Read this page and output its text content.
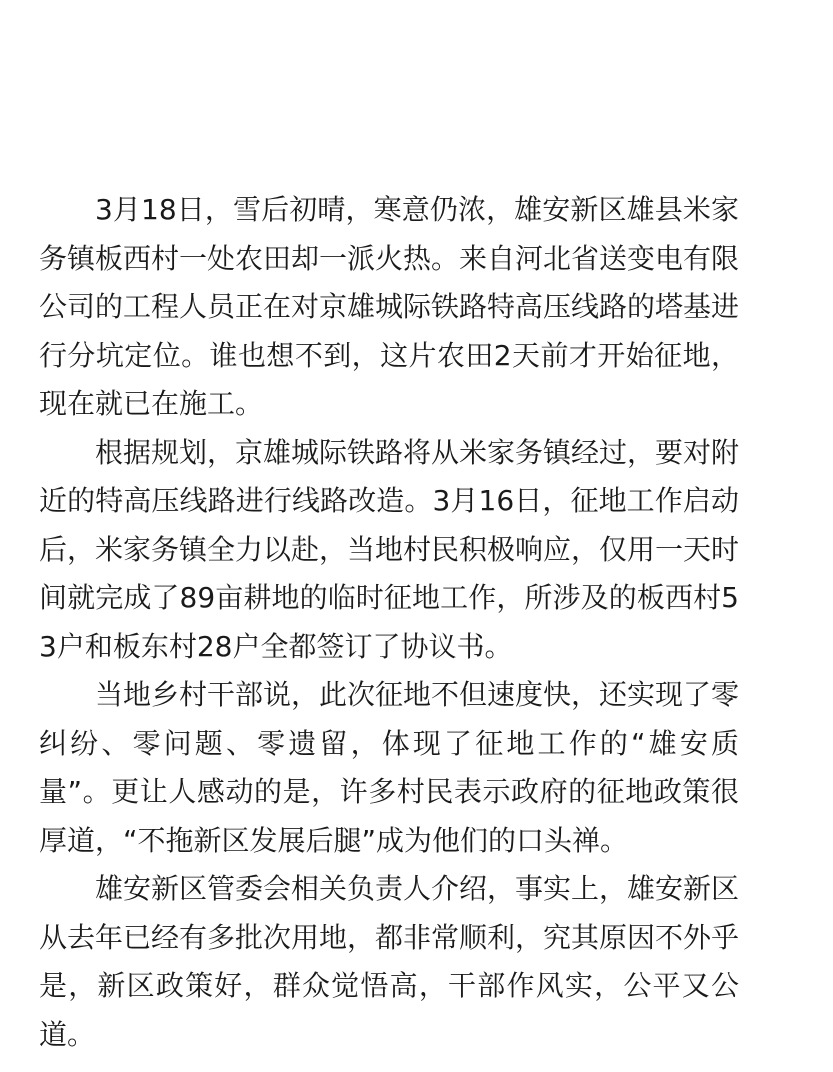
3月18日，雪后初晴，寒意仍浓，雄安新区雄县米家务镇板西村一处农田却一派火热。来自河北省送变电有限公司的工程人员正在对京雄城际铁路特高压线路的塔基进行分坑定位。谁也想不到，这片农田2天前才开始征地，现在就已在施工。

根据规划，京雄城际铁路将从米家务镇经过，要对附近的特高压线路进行线路改造。3月16日，征地工作启动后，米家务镇全力以赴，当地村民积极响应，仅用一天时间就完成了89亩耕地的临时征地工作，所涉及的板西村53户和板东村28户全都签订了协议书。

当地乡村干部说，此次征地不但速度快，还实现了零纠纷、零问题、零遗留，体现了征地工作的“雄安质量”。更让人感动的是，许多村民表示政府的征地政策很厚道，“不拖新区发展后腿”成为他们的口头禅。

雄安新区管委会相关负责人介绍，事实上，雄安新区从去年已经有多批次用地，都非常顺利，究其原因不外乎是，新区政策好，群众觉悟高，干部作风实，公平又公道。
